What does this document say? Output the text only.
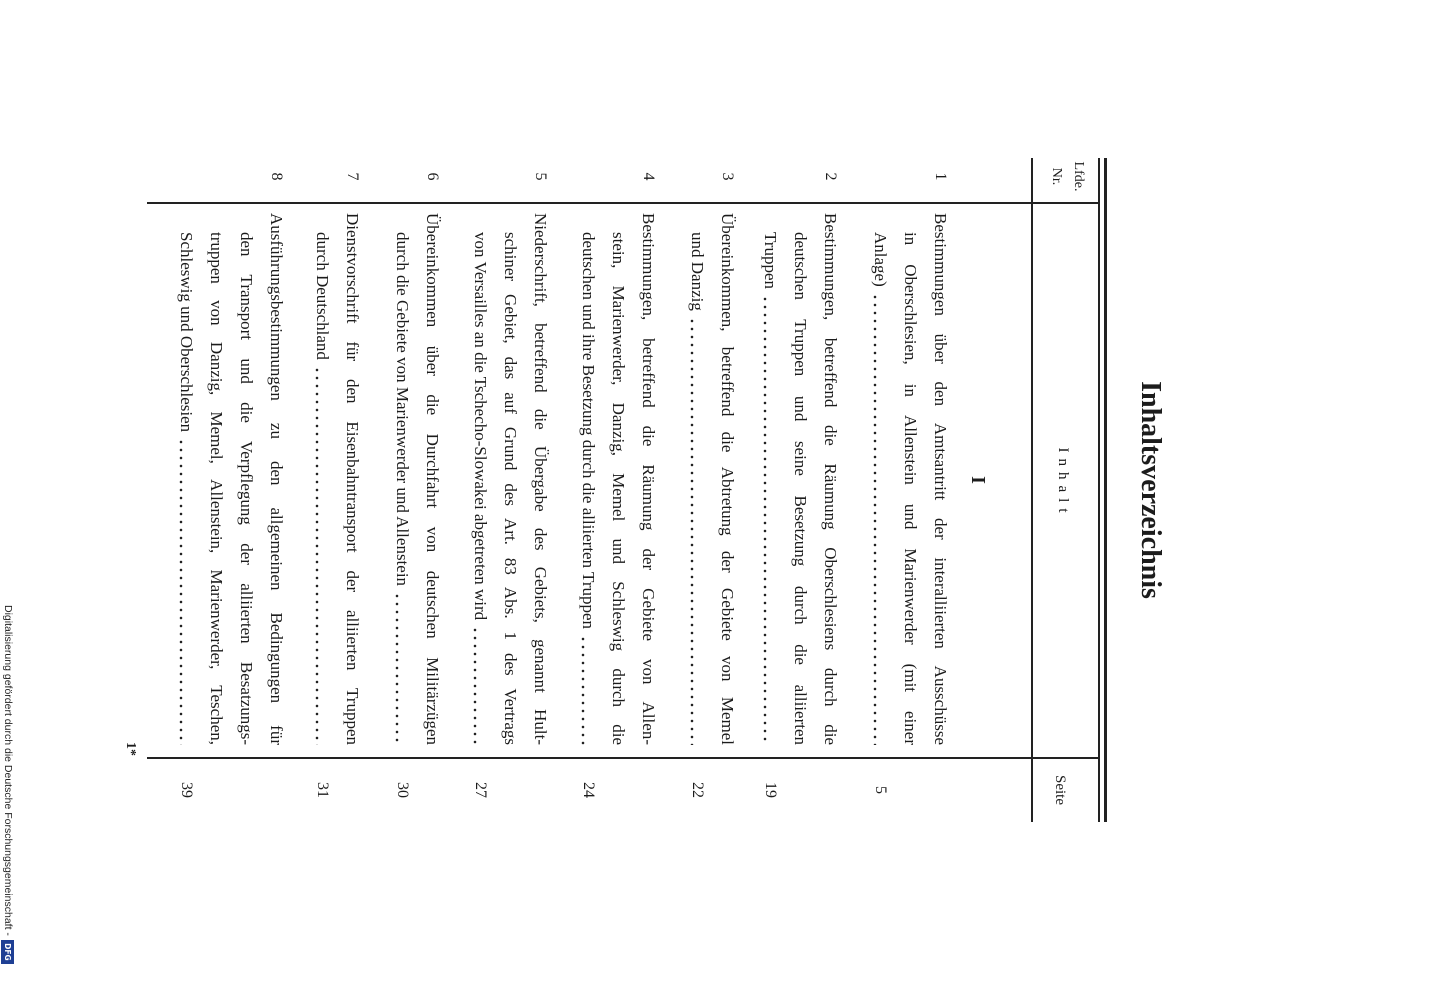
Inhaltsverzeichnis
Lfde.
Nr.
Inhalt
Seite
I
1
Bestimmungen über den Amtsantritt der interalliierten Ausschüsse
in Oberschlesien, in Allenstein und Marienwerder (mit einer
Anlage)
5
2
Bestimmungen, betreffend die Räumung Oberschlesiens durch die
deutschen Truppen und seine Besetzung durch die alliierten
Truppen
19
3
Übereinkommen, betreffend die Abtretung der Gebiete von Memel
und Danzig
22
4
Bestimmungen, betreffend die Räumung der Gebiete von Allen-
stein, Marienwerder, Danzig, Memel und Schleswig durch die
deutschen und ihre Besetzung durch die alliierten Truppen
24
5
Niederschrift, betreffend die Übergabe des Gebiets, genannt Hult-
schiner Gebiet, das auf Grund des Art. 83 Abs. 1 des Vertrags
von Versailles an die Tschecho-Slowakei abgetreten wird
27
6
Übereinkommen über die Durchfahrt von deutschen Militärzügen
durch die Gebiete von Marienwerder und Allenstein
30
7
Dienstvorschrift für den Eisenbahntransport der alliierten Truppen
durch Deutschland
31
8
Ausführungsbestimmungen zu den allgemeinen Bedingungen für
den Transport und die Verpflegung der alliierten Besatzungs-
truppen von Danzig, Memel, Allenstein, Marienwerder, Teschen,
Schleswig und Oberschlesien
39
1*
Digitalisierung gefördert durch die Deutsche Forschungsgemeinschaft -
DFG
